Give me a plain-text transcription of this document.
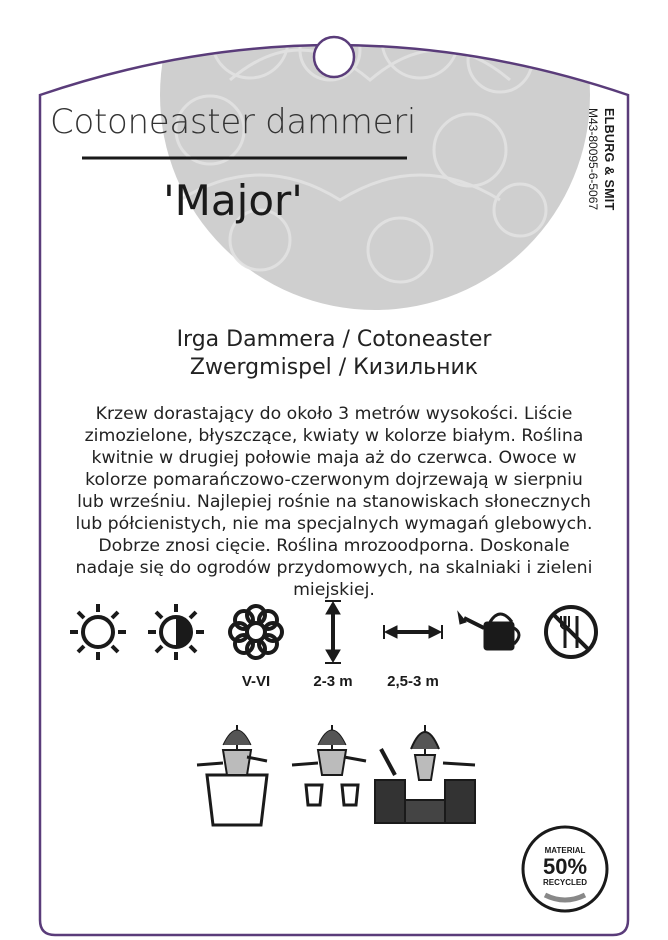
Cotoneaster dammeri
'Major'
Irga Dammera / Cotoneaster
Zwergmispel / Кизильник
Krzew dorastający do około 3 metrów wysokości. Liście
zimozielone, błyszczące, kwiaty w kolorze białym. Roślina
kwitnie w drugiej połowie maja aż do czerwca. Owoce w
kolorze pomarańczowo-czerwonym dojrzewają w sierpniu
lub wrześniu. Najlepiej rośnie na stanowiskach słonecznych
lub półcienistych, nie ma specjalnych wymagań glebowych.
Dobrze znosi cięcie. Roślina mrozoodporna. Doskonale
nadaje się do ogrodów przydomowych, na skalniaki i zieleni
miejskiej.
V-VI	2-3 m	2,5-3 m
ELBURG & SMIT
M43-80095-6-5067
MATERIAL
50%
RECYCLED
